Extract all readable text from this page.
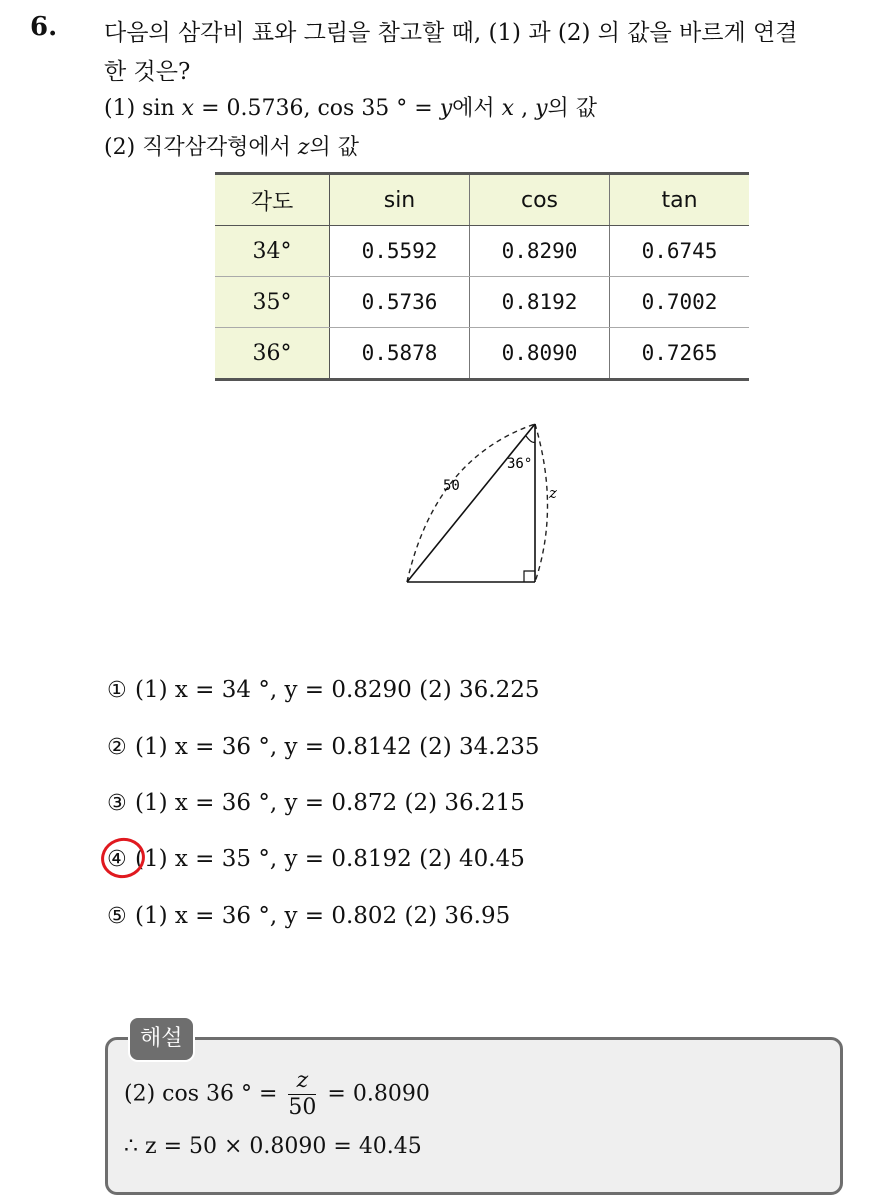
6. 다음의 삼각비 표와 그림을 참고할 때, (1) 과 (2) 의 값을 바르게 연결
한 것은?
(1) sin x = 0.5736, cos 35 ° = y에서 x , y의 값
(2) 직각삼각형에서 z의 값
각도	sin	cos	tan
34°	0.5592	0.8290	0.6745
35°	0.5736	0.8192	0.7002
36°	0.5878	0.8090	0.7265
50
36°
z
① (1) x = 34 °, y = 0.8290 (2) 36.225
② (1) x = 36 °, y = 0.8142 (2) 34.235
③ (1) x = 36 °, y = 0.872 (2) 36.215
④ (1) x = 35 °, y = 0.8192 (2) 40.45
⑤ (1) x = 36 °, y = 0.802 (2) 36.95
해설
(2) cos 36 ° = $\frac{z}{50} = 0.8090$
∴ z = 50 × 0.8090 = 40.45
